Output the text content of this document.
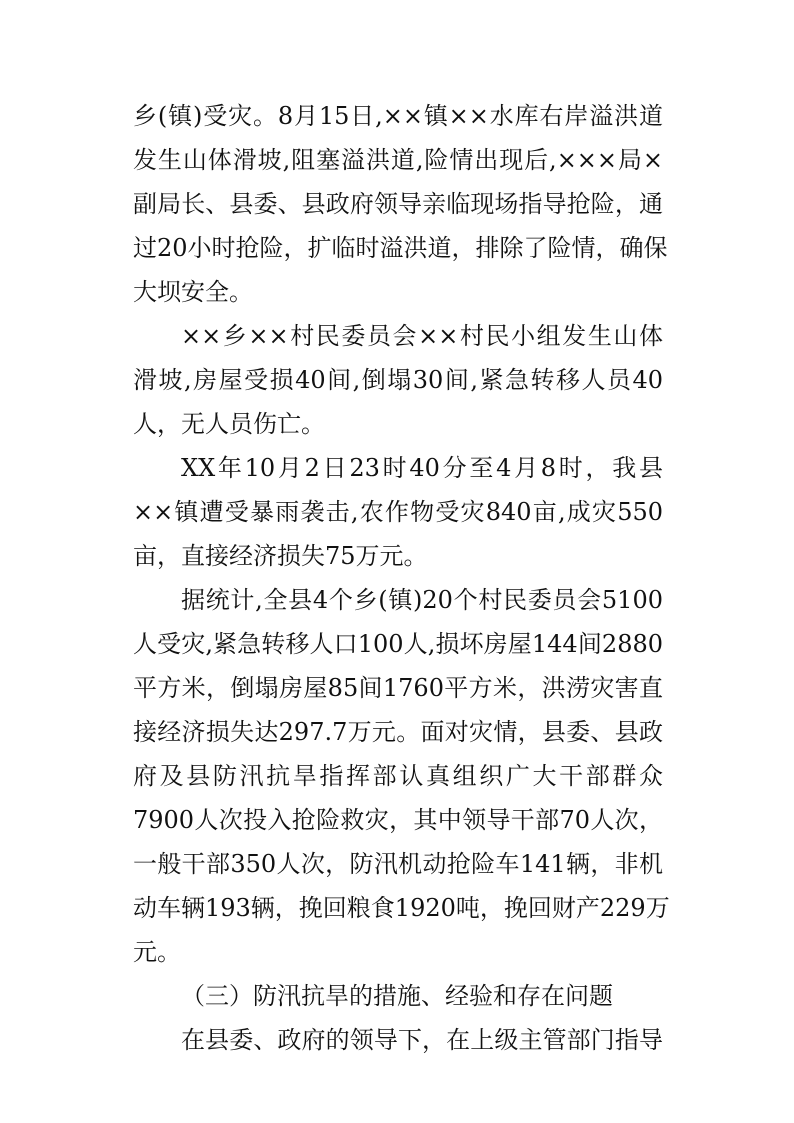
乡(镇)受灾。8月15日,××镇××水库右岸溢洪道
发生山体滑坡,阻塞溢洪道,险情出现后,×××局×
副局长、县委、县政府领导亲临现场指导抢险，通
过20小时抢险，扩临时溢洪道，排除了险情，确保
大坝安全。
××乡××村民委员会××村民小组发生山体
滑坡,房屋受损40间,倒塌30间,紧急转移人员40
人，无人员伤亡。
XX年10月2日23时40分至4月8时，我县
××镇遭受暴雨袭击,农作物受灾840亩,成灾550
亩，直接经济损失75万元。
据统计,全县4个乡(镇)20个村民委员会5100
人受灾,紧急转移人口100人,损坏房屋144间2880
平方米，倒塌房屋85间1760平方米，洪涝灾害直
接经济损失达297.7万元。面对灾情，县委、县政
府及县防汛抗旱指挥部认真组织广大干部群众
7900人次投入抢险救灾，其中领导干部70人次，
一般干部350人次，防汛机动抢险车141辆，非机
动车辆193辆，挽回粮食1920吨，挽回财产229万
元。
（三）防汛抗旱的措施、经验和存在问题
在县委、政府的领导下，在上级主管部门指导
